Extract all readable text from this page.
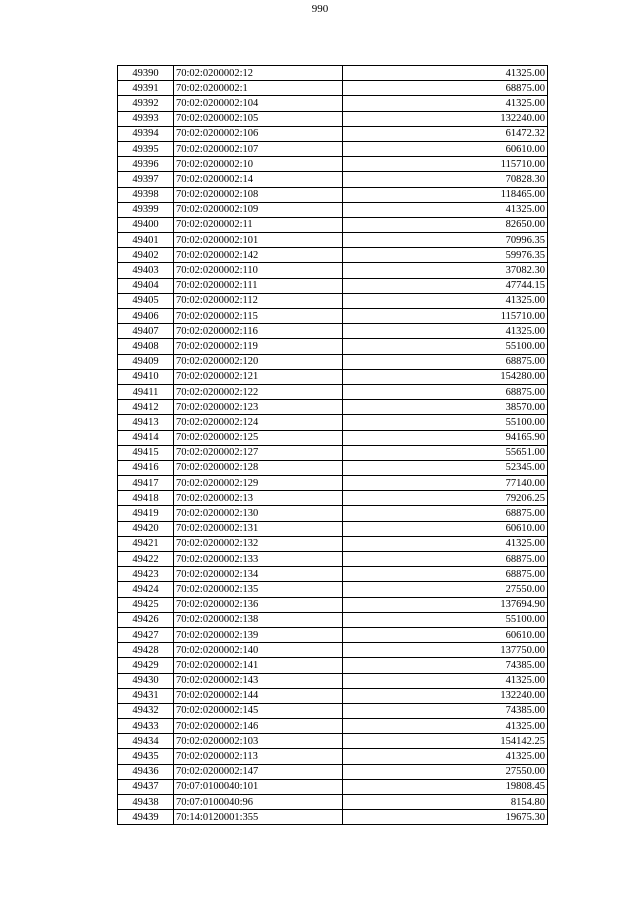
990
49390	70:02:0200002:12	41325.00
49391	70:02:0200002:1	68875.00
49392	70:02:0200002:104	41325.00
49393	70:02:0200002:105	132240.00
49394	70:02:0200002:106	61472.32
49395	70:02:0200002:107	60610.00
49396	70:02:0200002:10	115710.00
49397	70:02:0200002:14	70828.30
49398	70:02:0200002:108	118465.00
49399	70:02:0200002:109	41325.00
49400	70:02:0200002:11	82650.00
49401	70:02:0200002:101	70996.35
49402	70:02:0200002:142	59976.35
49403	70:02:0200002:110	37082.30
49404	70:02:0200002:111	47744.15
49405	70:02:0200002:112	41325.00
49406	70:02:0200002:115	115710.00
49407	70:02:0200002:116	41325.00
49408	70:02:0200002:119	55100.00
49409	70:02:0200002:120	68875.00
49410	70:02:0200002:121	154280.00
49411	70:02:0200002:122	68875.00
49412	70:02:0200002:123	38570.00
49413	70:02:0200002:124	55100.00
49414	70:02:0200002:125	94165.90
49415	70:02:0200002:127	55651.00
49416	70:02:0200002:128	52345.00
49417	70:02:0200002:129	77140.00
49418	70:02:0200002:13	79206.25
49419	70:02:0200002:130	68875.00
49420	70:02:0200002:131	60610.00
49421	70:02:0200002:132	41325.00
49422	70:02:0200002:133	68875.00
49423	70:02:0200002:134	68875.00
49424	70:02:0200002:135	27550.00
49425	70:02:0200002:136	137694.90
49426	70:02:0200002:138	55100.00
49427	70:02:0200002:139	60610.00
49428	70:02:0200002:140	137750.00
49429	70:02:0200002:141	74385.00
49430	70:02:0200002:143	41325.00
49431	70:02:0200002:144	132240.00
49432	70:02:0200002:145	74385.00
49433	70:02:0200002:146	41325.00
49434	70:02:0200002:103	154142.25
49435	70:02:0200002:113	41325.00
49436	70:02:0200002:147	27550.00
49437	70:07:0100040:101	19808.45
49438	70:07:0100040:96	8154.80
49439	70:14:0120001:355	19675.30
